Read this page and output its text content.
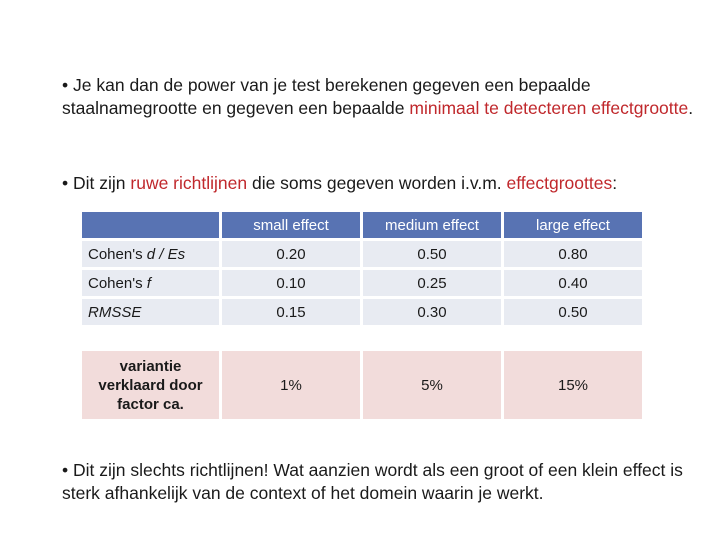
• Je kan dan de power van je test berekenen gegeven een bepaalde staalnamegrootte en gegeven een bepaalde minimaal te detecteren effectgrootte.
• Dit zijn ruwe richtlijnen die soms gegeven worden i.v.m. effectgroottes:
	small effect	medium effect	large effect
Cohen's d / Es	0.20	0.50	0.80
Cohen's f	0.10	0.25	0.40
RMSSE	0.15	0.30	0.50

variantie verklaard door factor ca.	1%	5%	15%
• Dit zijn slechts richtlijnen! Wat aanzien wordt als een groot of een klein effect is sterk afhankelijk van de context of het domein waarin je werkt.
